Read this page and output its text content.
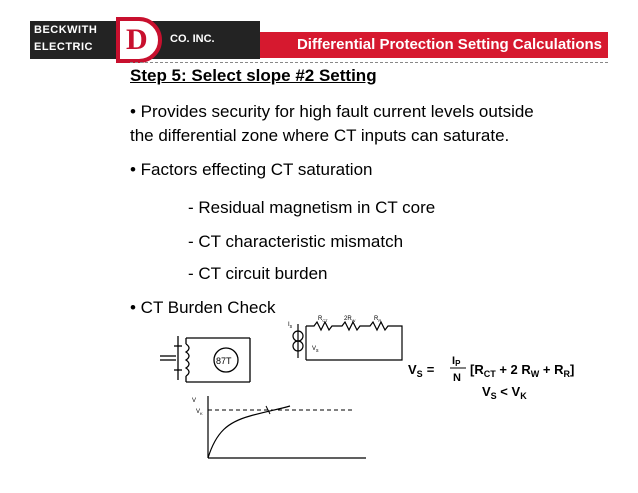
BECKWITH
ELECTRIC D CO. INC.	Differential Protection Setting Calculations
Step 5: Select slope #2 Setting
• Provides security for high fault current levels outside
the differential zone where CT inputs can saturate.
• Factors effecting CT saturation
- Residual magnetism in CT core
- CT characteristic mismatch
- CT circuit burden
• CT Burden Check
87T
$I_s$
$V_s$
$R_{CT}$	$2R_W$	$R_R$
$V_S$ =
IP
N
[$R_{CT} + 2$ $R_W + R_R$]
$V_S < V_K$
V
$V_K$
